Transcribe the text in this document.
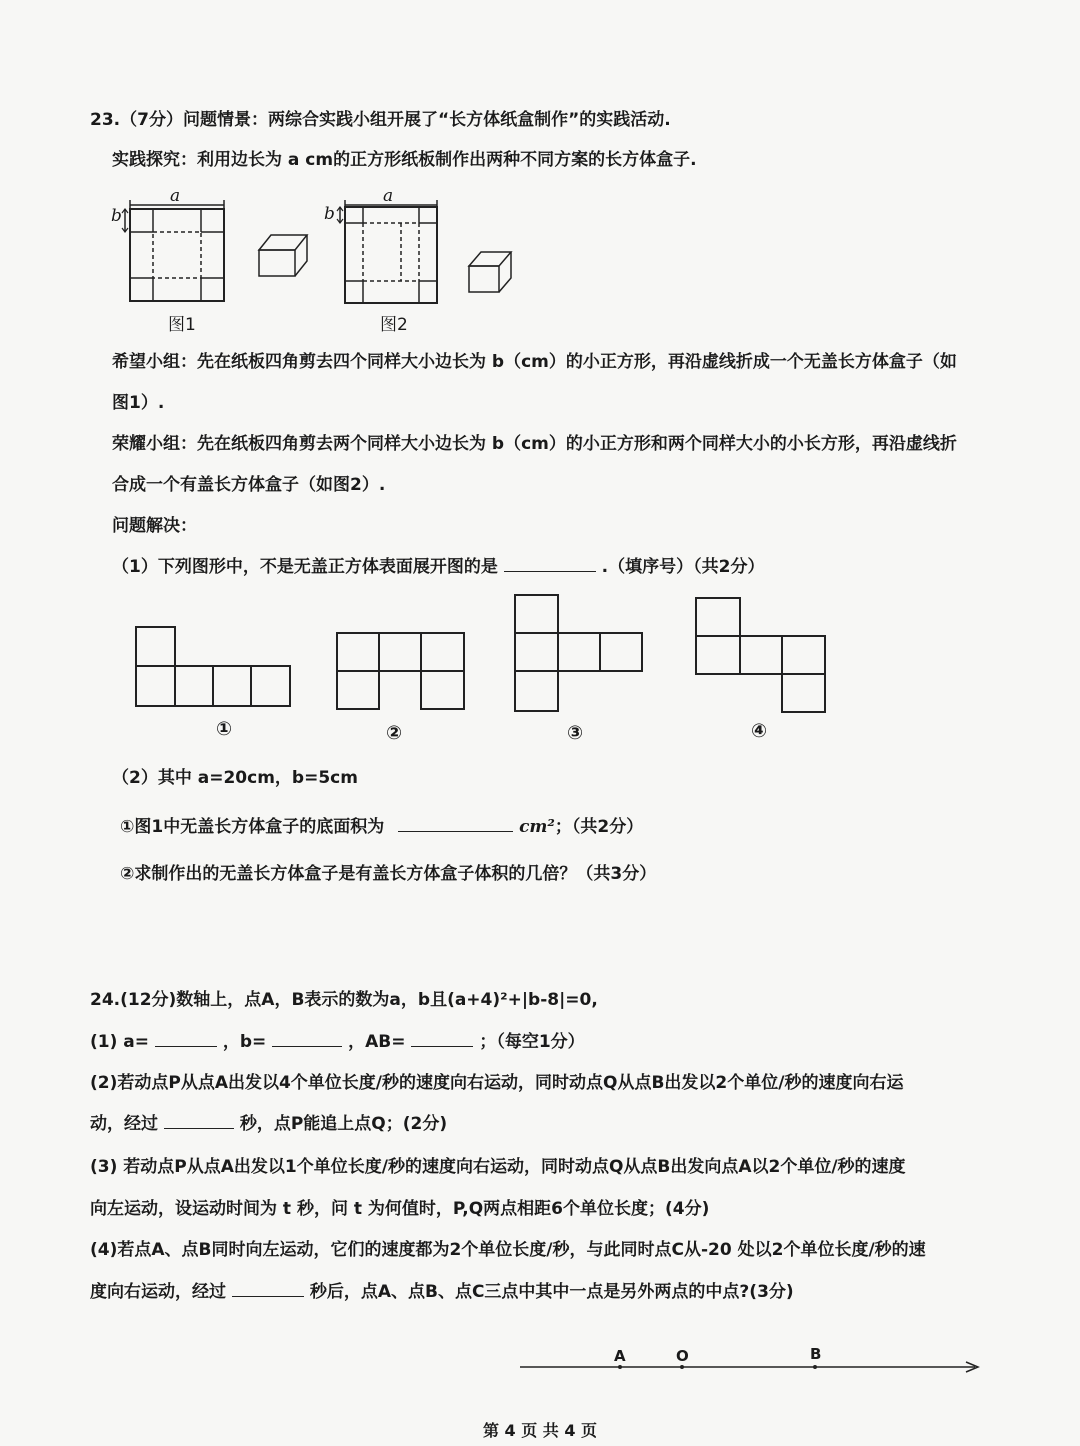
23.（7分）问题情景：两综合实践小组开展了“长方体纸盒制作”的实践活动.
实践探究：利用边长为 a cm的正方形纸板制作出两种不同方案的长方体盒子.
a
b
图1
a
b
图2
希望小组：先在纸板四角剪去四个同样大小边长为 b（cm）的小正方形，再沿虚线折成一个无盖长方体盒子（如
图1）.
荣耀小组：先在纸板四角剪去两个同样大小边长为 b（cm）的小正方形和两个同样大小的小长方形，再沿虚线折
合成一个有盖长方体盒子（如图2）.
问题解决：
（1）下列图形中，不是无盖正方体表面展开图的是	.（填序号）（共2分）
①	②	③	④
（2）其中 a=20cm，b=5cm
①图1中无盖长方体盒子的底面积为	cm²；（共2分）
②求制作出的无盖长方体盒子是有盖长方体盒子体积的几倍？（共3分）
24.(12分)数轴上，点A，B表示的数为a，b且(a+4)²+|b-8|=0,
(1) a=	，b=	，AB=	；（每空1分）
(2)若动点P从点A出发以4个单位长度/秒的速度向右运动，同时动点Q从点B出发以2个单位/秒的速度向右运
动，经过	秒，点P能追上点Q；(2分)
(3) 若动点P从点A出发以1个单位长度/秒的速度向右运动，同时动点Q从点B出发向点A以2个单位/秒的速度
向左运动，设运动时间为 t 秒，问 t 为何值时，P,Q两点相距6个单位长度；(4分)
(4)若点A、点B同时向左运动，它们的速度都为2个单位长度/秒，与此同时点C从-20 处以2个单位长度/秒的速
度向右运动，经过	秒后，点A、点B、点C三点中其中一点是另外两点的中点?(3分)
A	O	B
第 4 页 共 4 页
